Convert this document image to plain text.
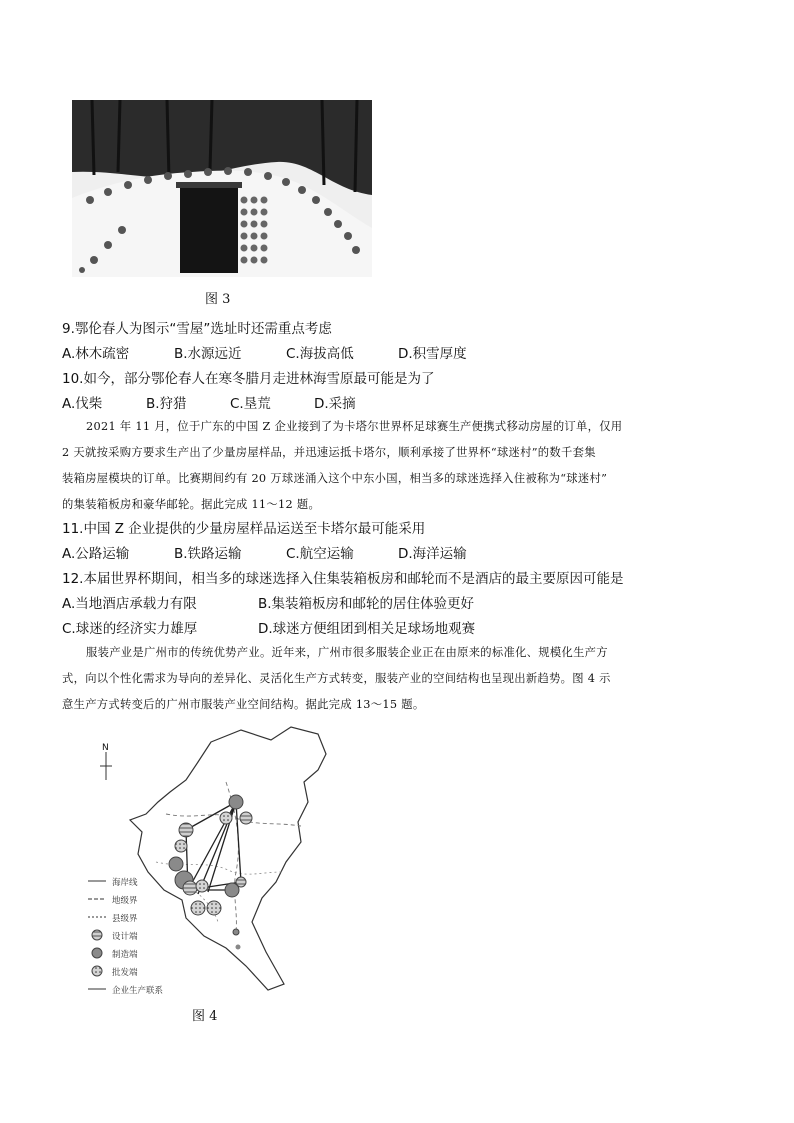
图 3
9.鄂伦春人为图示“雪屋”选址时还需重点考虑
A.林木疏密	B.水源远近	C.海拔高低	D.积雪厚度
10.如今，部分鄂伦春人在寒冬腊月走进林海雪原最可能是为了
A.伐柴	B.狩猎	C.垦荒	D.采摘
2021 年 11 月，位于广东的中国 Z 企业接到了为卡塔尔世界杯足球赛生产便携式移动房屋的订单，仅用
2 天就按采购方要求生产出了少量房屋样品，并迅速运抵卡塔尔，顺利承接了世界杯“球迷村”的数千套集
装箱房屋模块的订单。比赛期间约有 20 万球迷涌入这个中东小国，相当多的球迷选择入住被称为“球迷村”
的集装箱板房和豪华邮轮。据此完成 11～12 题。
11.中国 Z 企业提供的少量房屋样品运送至卡塔尔最可能采用
A.公路运输	B.铁路运输	C.航空运输	D.海洋运输
12.本届世界杯期间，相当多的球迷选择入住集装箱板房和邮轮而不是酒店的最主要原因可能是
A.当地酒店承载力有限	B.集装箱板房和邮轮的居住体验更好
C.球迷的经济实力雄厚	D.球迷方便组团到相关足球场地观赛
服装产业是广州市的传统优势产业。近年来，广州市很多服装企业正在由原来的标准化、规模化生产方
式，向以个性化需求为导向的差异化、灵活化生产方式转变，服装产业的空间结构也呈现出新趋势。图 4 示
意生产方式转变后的广州市服装产业空间结构。据此完成 13～15 题。
N
海岸线
地级界
县级界
设计端
制造端
批发端
企业生产联系
图 4
